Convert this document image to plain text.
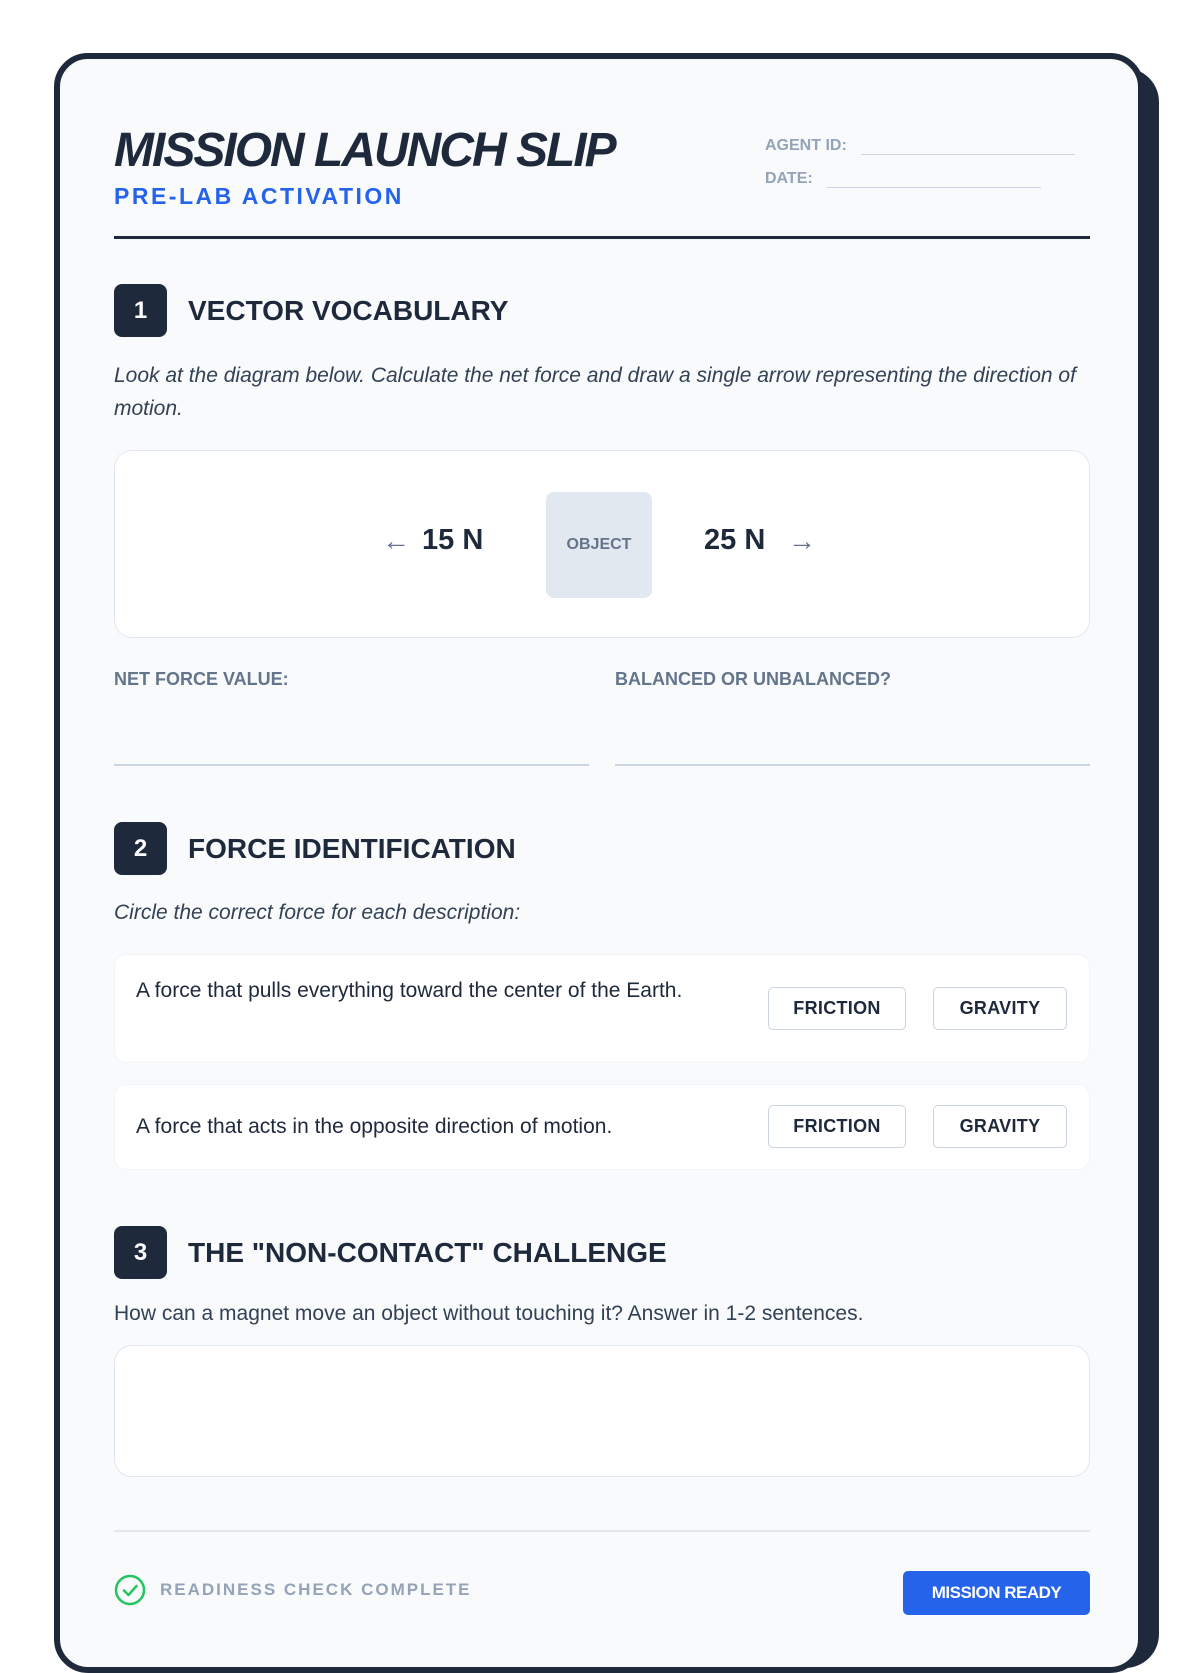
MISSION LAUNCH SLIP
PRE-LAB ACTIVATION
AGENT ID:
DATE:
1	VECTOR VOCABULARY
Look at the diagram below. Calculate the net force and draw a single arrow representing the direction of motion.
← 15 N	OBJECT	25 N →
NET FORCE VALUE:	BALANCED OR UNBALANCED?
2	FORCE IDENTIFICATION
Circle the correct force for each description:
A force that pulls everything toward the center of the Earth.
FRICTION	GRAVITY
A force that acts in the opposite direction of motion.	FRICTION	GRAVITY
3	THE "NON-CONTACT" CHALLENGE
How can a magnet move an object without touching it? Answer in 1-2 sentences.
READINESS CHECK COMPLETE	MISSION READY
